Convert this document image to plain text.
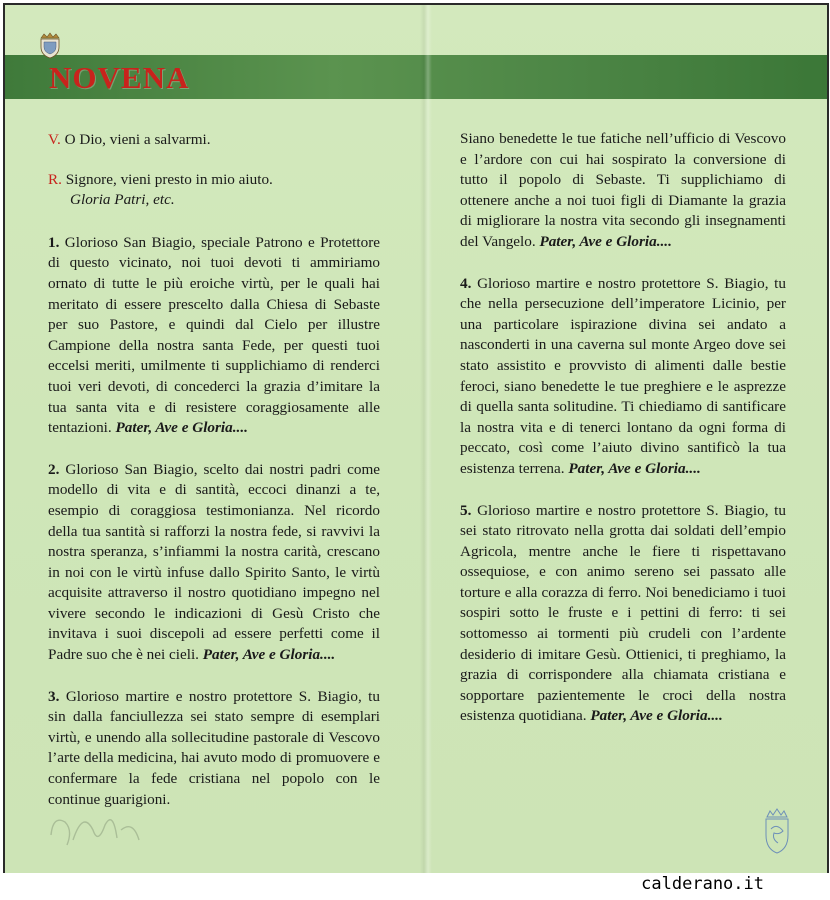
NOVENA

V. O Dio, vieni a salvarmi.

R. Signore, vieni presto in mio aiuto.
Gloria Patri, etc.

1. Glorioso San Biagio, speciale Patrono e Protettore di questo vicinato, noi tuoi devoti ti ammiriamo ornato di tutte le più eroiche virtù, per le quali hai meritato di essere prescelto dalla Chiesa di Sebaste per suo Pastore, e quindi dal Cielo per illustre Campione della nostra santa Fede, per questi tuoi eccelsi meriti, umilmente ti supplichiamo di renderci tuoi veri devoti, di concederci la grazia d’imitare la tua santa vita e di resistere coraggiosamente alle tentazioni. Pater, Ave e Gloria....

2. Glorioso San Biagio, scelto dai nostri padri come modello di vita e di santità, eccoci dinanzi a te, esempio di coraggiosa testimonianza. Nel ricordo della tua santità si rafforzi la nostra fede, si ravvivi la nostra speranza, s’infiammi la nostra carità, crescano in noi con le virtù infuse dallo Spirito Santo, le virtù acquisite attraverso il nostro quotidiano impegno nel vivere secondo le indicazioni di Gesù Cristo che invitava i suoi discepoli ad essere perfetti come il Padre suo che è nei cieli. Pater, Ave e Gloria....

3. Glorioso martire e nostro protettore S. Biagio, tu sin dalla fanciullezza sei stato sempre di esemplari virtù, e unendo alla sollecitudine pastorale di Vescovo l’arte della medicina, hai avuto modo di promuovere e confermare la fede cristiana nel popolo con le continue guarigioni.

Siano benedette le tue fatiche nell’ufficio di Vescovo e l’ardore con cui hai sospirato la conversione di tutto il popolo di Sebaste. Ti supplichiamo di ottenere anche a noi tuoi figli di Diamante la grazia di migliorare la nostra vita secondo gli insegnamenti del Vangelo. Pater, Ave e Gloria....

4. Glorioso martire e nostro protettore S. Biagio, tu che nella persecuzione dell’imperatore Licinio, per una particolare ispirazione divina sei andato a nasconderti in una caverna sul monte Argeo dove sei stato assistito e provvisto di alimenti dalle bestie feroci, siano benedette le tue preghiere e le asprezze di quella santa solitudine. Ti chiediamo di santificare la nostra vita e di tenerci lontano da ogni forma di peccato, così come l’aiuto divino santificò la tua esistenza terrena. Pater, Ave e Gloria....

5. Glorioso martire e nostro protettore S. Biagio, tu sei stato ritrovato nella grotta dai soldati dell’empio Agricola, mentre anche le fiere ti rispettavano ossequiose, e con animo sereno sei passato alle torture e alla corazza di ferro. Noi benediciamo i tuoi sospiri sotto le fruste e i pettini di ferro: ti sei sottomesso ai tormenti più crudeli con l’ardente desiderio di imitare Gesù. Ottienici, ti preghiamo, la grazia di corrispondere alla chiamata cristiana e sopportare pazientemente le croci della nostra esistenza quotidiana. Pater, Ave e Gloria....

calderano.it
